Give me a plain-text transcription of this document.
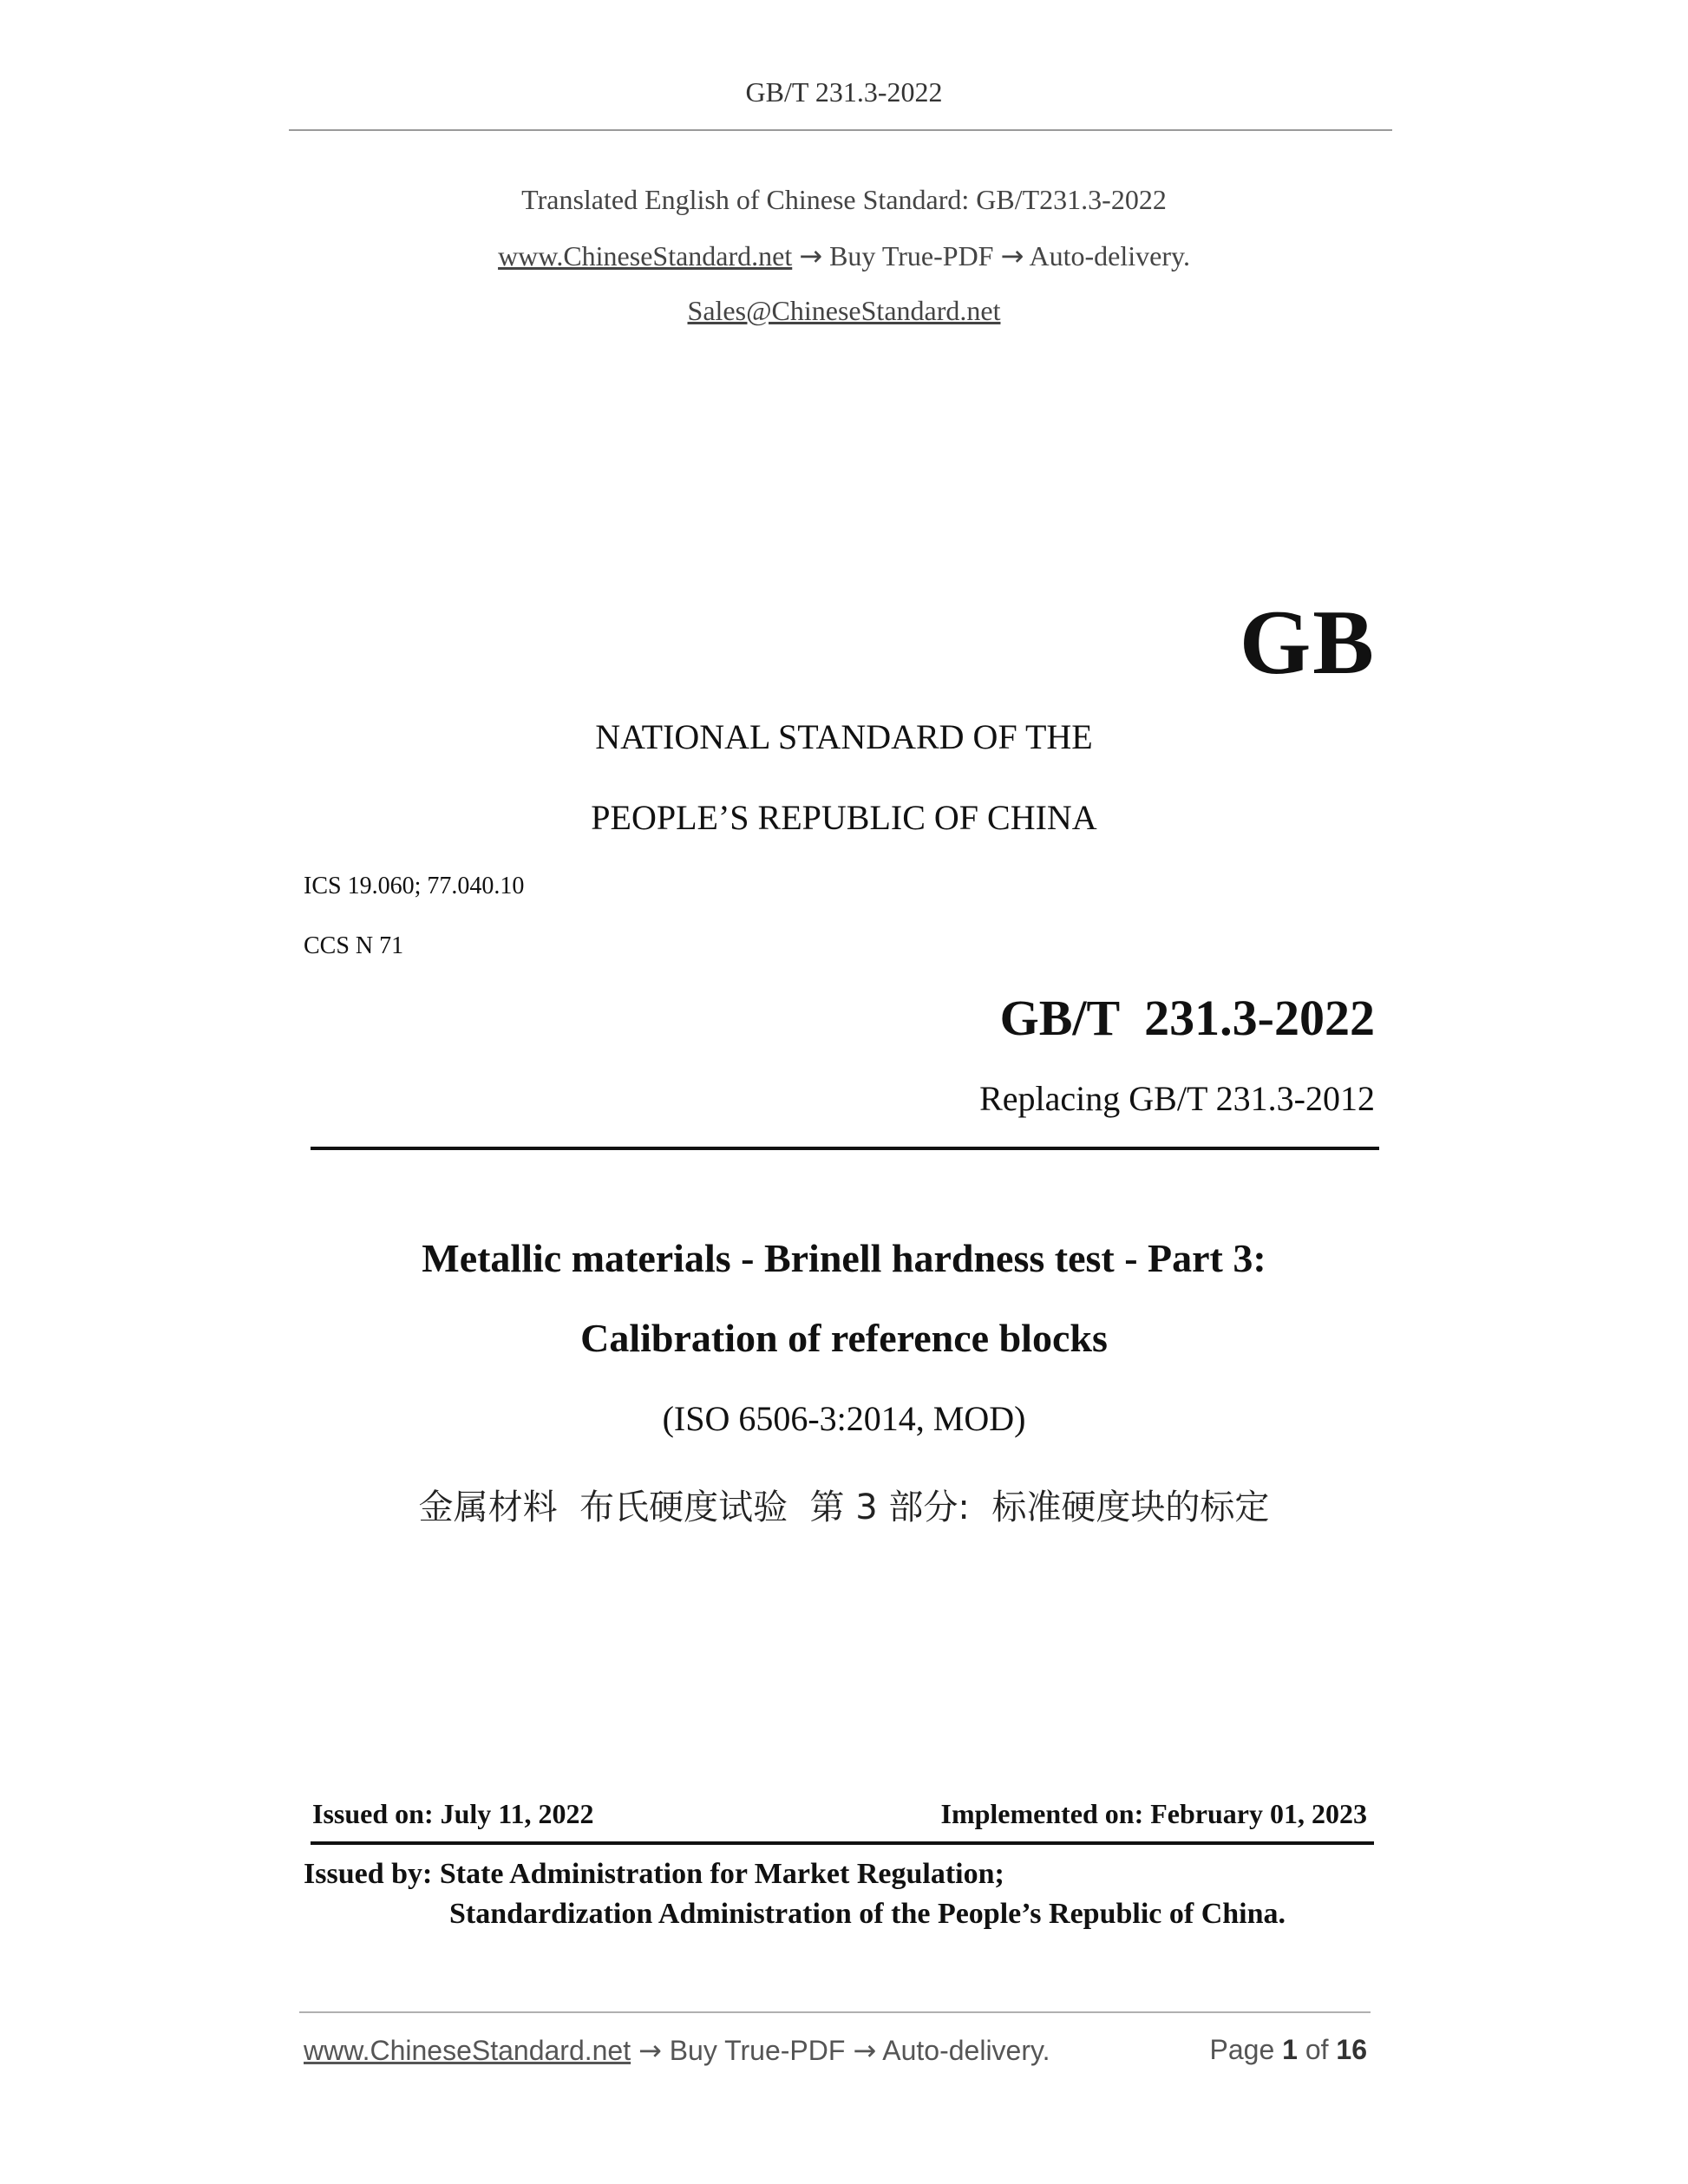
GB/T 231.3-2022
Translated English of Chinese Standard: GB/T231.3-2022
www.ChineseStandard.net → Buy True-PDF → Auto-delivery.
Sales@ChineseStandard.net
GB
NATIONAL STANDARD OF THE
PEOPLE’S REPUBLIC OF CHINA
ICS 19.060; 77.040.10
CCS N 71
GB/T  231.3-2022
Replacing GB/T 231.3-2012
Metallic materials - Brinell hardness test - Part 3:
Calibration of reference blocks
(ISO 6506-3:2014, MOD)
金属材料  布氏硬度试验  第 3 部分:  标准硬度块的标定
Issued on: July 11, 2022	Implemented on: February 01, 2023
Issued by: State Administration for Market Regulation;
Standardization Administration of the People’s Republic of China.
www.ChineseStandard.net → Buy True-PDF → Auto-delivery.	Page 1 of 16
